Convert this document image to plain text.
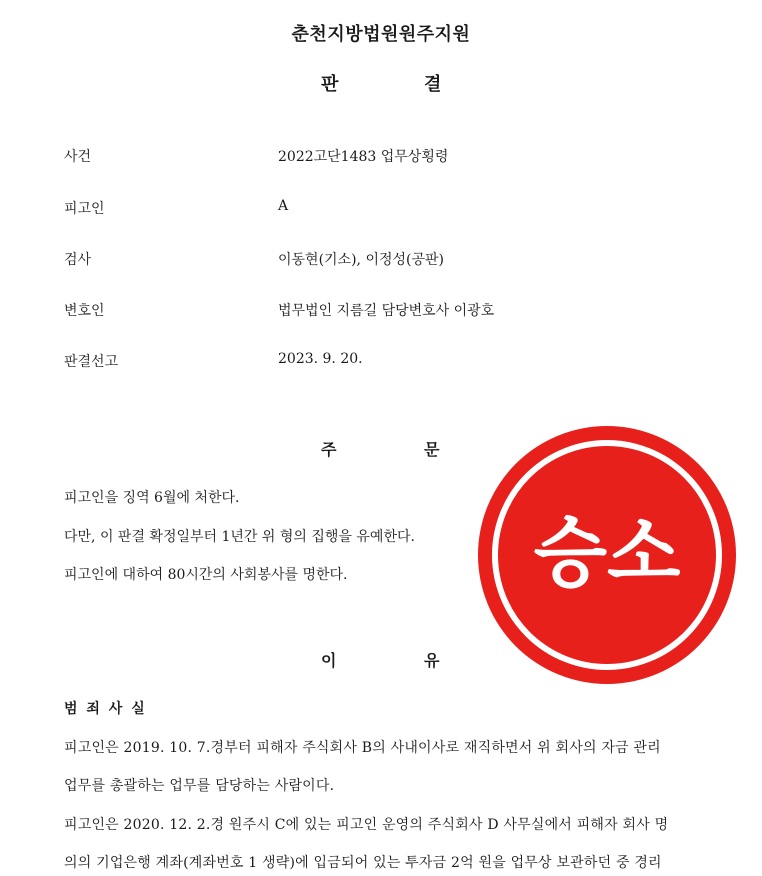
춘천지방법원원주지원
판	결
사건	2022고단1483 업무상횡령
피고인	A
검사	이동현(기소), 이정성(공판)
변호인	법무법인 지름길 담당변호사 이광호
판결선고	2023. 9. 20.
주	문
피고인을 징역 6월에 처한다.
다만, 이 판결 확정일부터 1년간 위 형의 집행을 유예한다.
피고인에 대하여 80시간의 사회봉사를 명한다.
이	유
범 죄 사 실
피고인은 2019. 10. 7.경부터 피해자 주식회사 B의 사내이사로 재직하면서 위 회사의 자금 관리
업무를 총괄하는 업무를 담당하는 사람이다.
피고인은 2020. 12. 2.경 원주시 C에 있는 피고인 운영의 주식회사 D 사무실에서 피해자 회사 명
의의 기업은행 계좌(계좌번호 1 생략)에 입금되어 있는 투자금 2억 원을 업무상 보관하던 중 경리
승소
